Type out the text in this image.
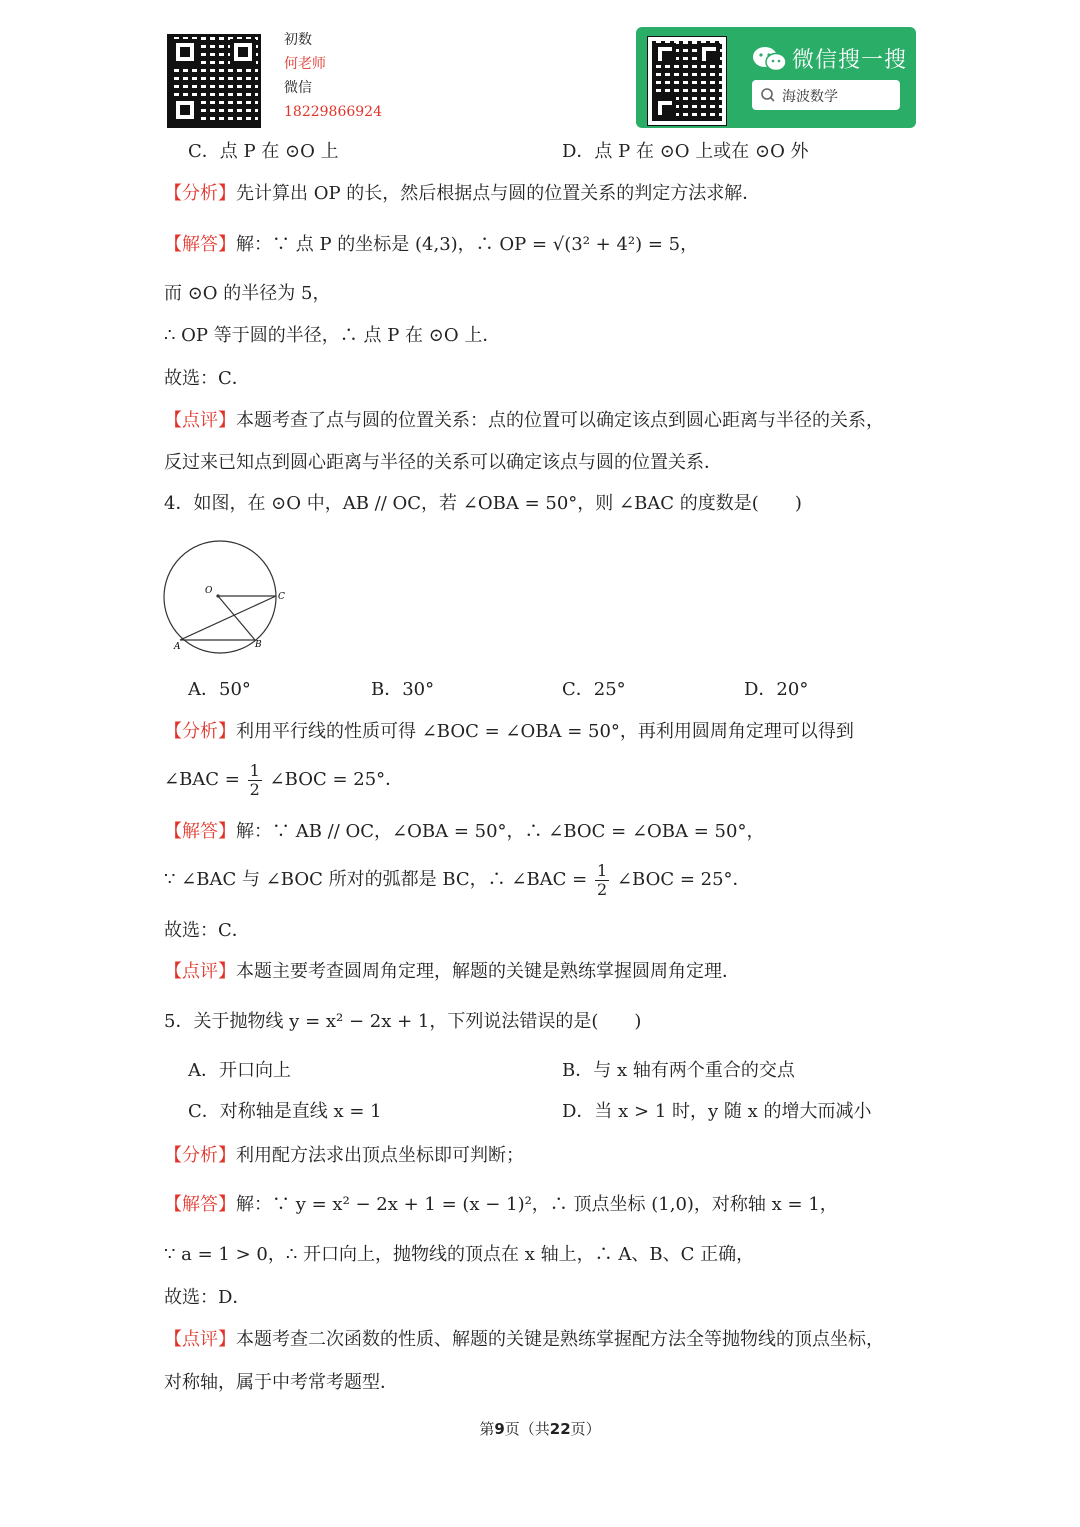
初数
何老师
微信
18229866924
微信搜一搜
海波数学
C．点 P 在 ⊙O 上	D．点 P 在 ⊙O 上或在 ⊙O 外
【分析】先计算出 OP 的长，然后根据点与圆的位置关系的判定方法求解．
【解答】解：∵ 点 P 的坐标是 (4,3)，∴ OP = √(3² + 4²) = 5，
而 ⊙O 的半径为 5，
∴ OP 等于圆的半径，∴ 点 P 在 ⊙O 上．
故选：C．
【点评】本题考查了点与圆的位置关系：点的位置可以确定该点到圆心距离与半径的关系，
反过来已知点到圆心距离与半径的关系可以确定该点与圆的位置关系．
4．如图，在 ⊙O 中，AB // OC，若 ∠OBA = 50°，则 ∠BAC 的度数是(　　)
O
C
A	B
A．50°	B．30°	C．25°	D．20°
【分析】利用平行线的性质可得 ∠BOC = ∠OBA = 50°，再利用圆周角定理可以得到
∠BAC = $\frac{1}{2}$ ∠BOC = 25°．
【解答】解：∵ AB // OC，∠OBA = 50°，∴ ∠BOC = ∠OBA = 50°，
∵ ∠BAC 与 ∠BOC 所对的弧都是 BC，∴ ∠BAC = $\frac{1}{2}$ ∠BOC = 25°．
故选：C．
【点评】本题主要考查圆周角定理，解题的关键是熟练掌握圆周角定理．
5．关于抛物线 y = x² − 2x + 1，下列说法错误的是(　　)
A．开口向上	B．与 x 轴有两个重合的交点
C．对称轴是直线 x = 1	D．当 x > 1 时，y 随 x 的增大而减小
【分析】利用配方法求出顶点坐标即可判断；
【解答】解：∵ y = x² − 2x + 1 = (x − 1)²，∴ 顶点坐标 (1,0)，对称轴 x = 1，
∵ a = 1 > 0，∴ 开口向上，抛物线的顶点在 x 轴上，∴ A、B、C 正确，
故选：D．
【点评】本题考查二次函数的性质、解题的关键是熟练掌握配方法全等抛物线的顶点坐标，
对称轴，属于中考常考题型．
第9页（共22页）
